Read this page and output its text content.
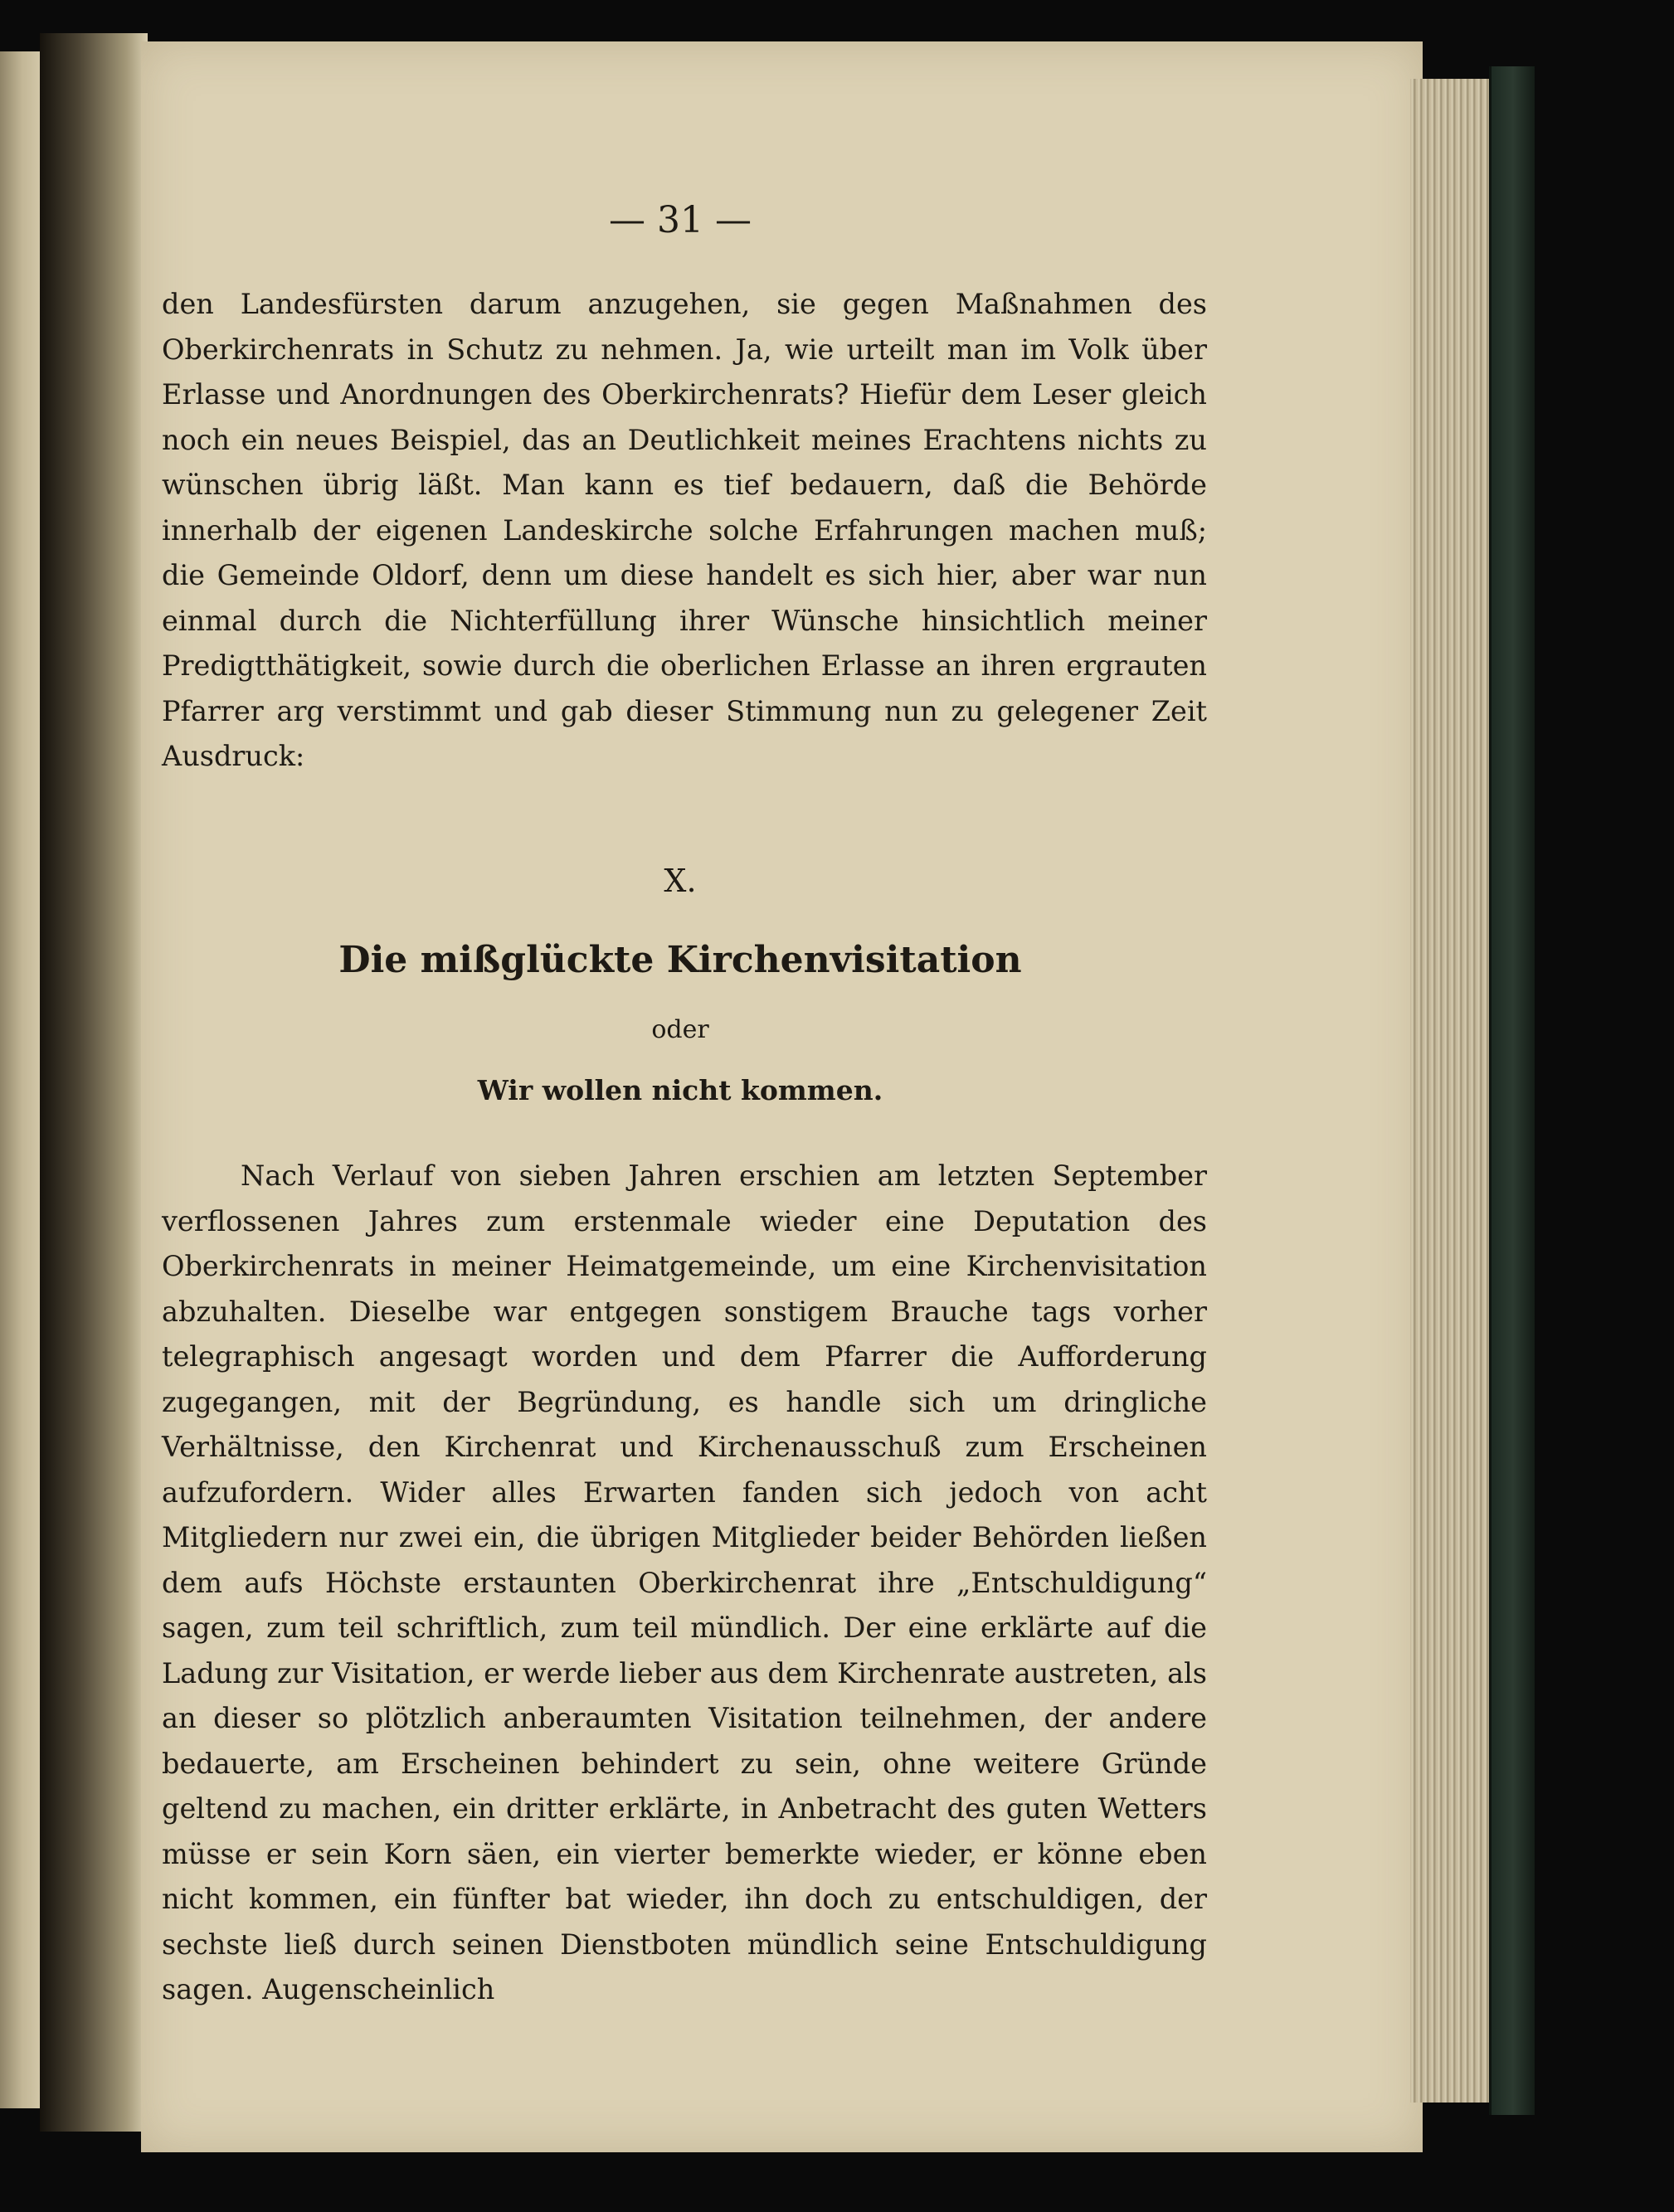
— 31 —

den Landesfürsten darum anzugehen, sie gegen Maßnahmen des Oberkirchenrats in Schutz zu nehmen. Ja, wie urteilt man im Volk über Erlasse und Anordnungen des Oberkirchenrats? Hiefür dem Leser gleich noch ein neues Beispiel, das an Deutlichkeit meines Erachtens nichts zu wünschen übrig läßt. Man kann es tief bedauern, daß die Behörde innerhalb der eigenen Landeskirche solche Erfahrungen machen muß; die Gemeinde Oldorf, denn um diese handelt es sich hier, aber war nun einmal durch die Nichterfüllung ihrer Wünsche hinsichtlich meiner Predigtthätigkeit, sowie durch die oberlichen Erlasse an ihren ergrauten Pfarrer arg verstimmt und gab dieser Stimmung nun zu gelegener Zeit Ausdruck:

X.
Die mißglückte Kirchenvisitation
oder
Wir wollen nicht kommen.

Nach Verlauf von sieben Jahren erschien am letzten September verflossenen Jahres zum erstenmale wieder eine Deputation des Oberkirchenrats in meiner Heimatgemeinde, um eine Kirchenvisitation abzuhalten. Dieselbe war entgegen sonstigem Brauche tags vorher telegraphisch angesagt worden und dem Pfarrer die Aufforderung zugegangen, mit der Begründung, es handle sich um dringliche Verhältnisse, den Kirchenrat und Kirchenausschuß zum Erscheinen aufzufordern. Wider alles Erwarten fanden sich jedoch von acht Mitgliedern nur zwei ein, die übrigen Mitglieder beider Behörden ließen dem aufs Höchste erstaunten Oberkirchenrat ihre „Entschuldigung“ sagen, zum teil schriftlich, zum teil mündlich. Der eine erklärte auf die Ladung zur Visitation, er werde lieber aus dem Kirchenrate austreten, als an dieser so plötzlich anberaumten Visitation teilnehmen, der andere bedauerte, am Erscheinen behindert zu sein, ohne weitere Gründe geltend zu machen, ein dritter erklärte, in Anbetracht des guten Wetters müsse er sein Korn säen, ein vierter bemerkte wieder, er könne eben nicht kommen, ein fünfter bat wieder, ihn doch zu entschuldigen, der sechste ließ durch seinen Dienstboten mündlich seine Entschuldigung sagen. Augenscheinlich
